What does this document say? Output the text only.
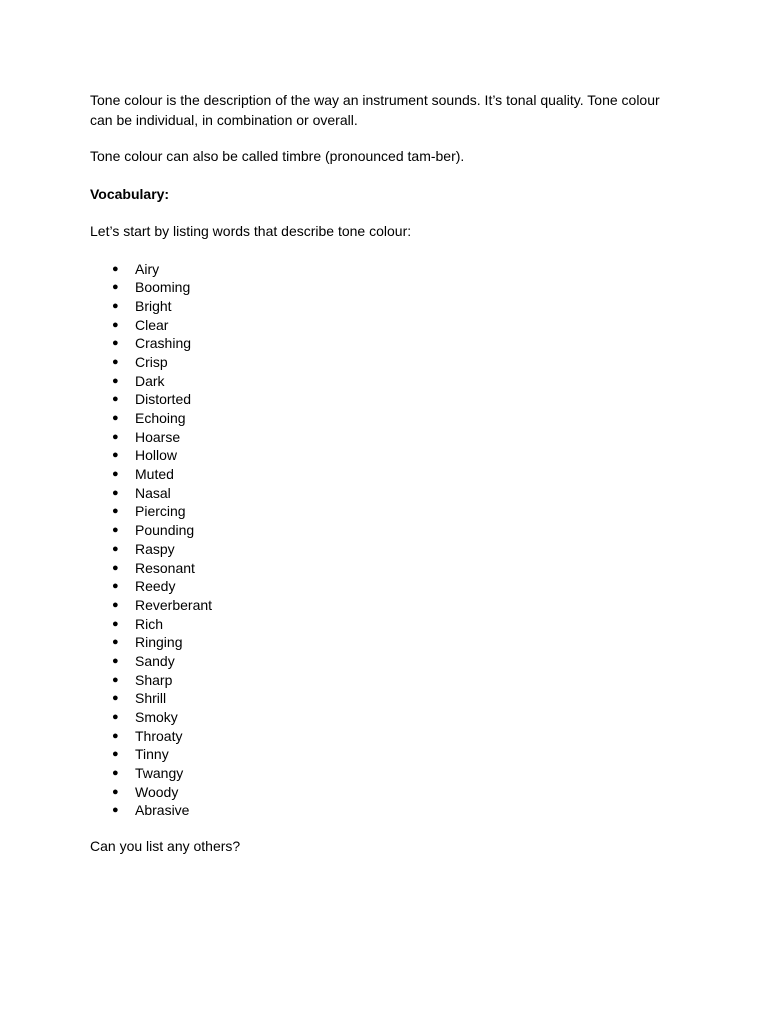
Tone colour is the description of the way an instrument sounds. It’s tonal quality. Tone colour can be individual, in combination or overall.

Tone colour can also be called timbre (pronounced tam-ber).

Vocabulary:

Let’s start by listing words that describe tone colour:

● Airy
● Booming
● Bright
● Clear
● Crashing
● Crisp
● Dark
● Distorted
● Echoing
● Hoarse
● Hollow
● Muted
● Nasal
● Piercing
● Pounding
● Raspy
● Resonant
● Reedy
● Reverberant
● Rich
● Ringing
● Sandy
● Sharp
● Shrill
● Smoky
● Throaty
● Tinny
● Twangy
● Woody
● Abrasive

Can you list any others?
